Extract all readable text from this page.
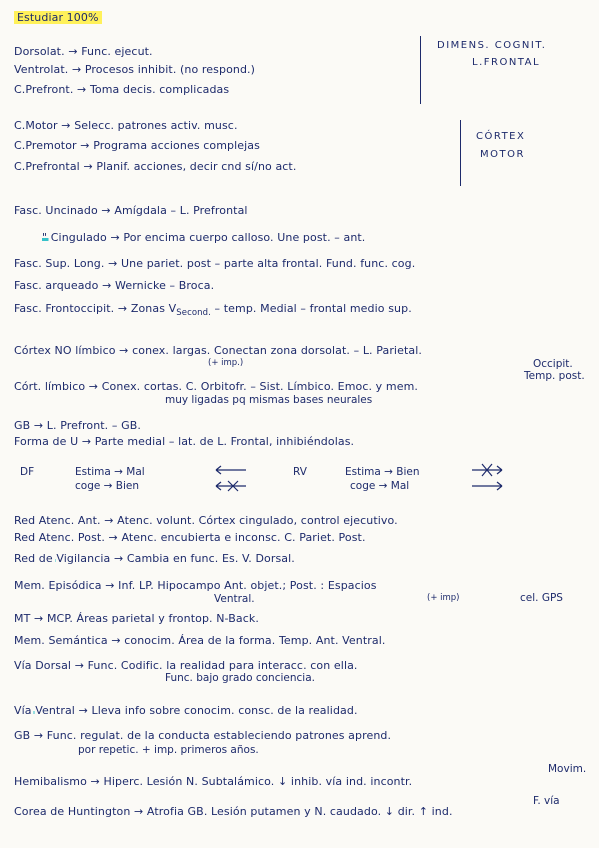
Estudiar 100%
Dorsolat. → Func. ejecut.
Ventrolat. → Procesos inhibit. (no respond.)
C.Prefront. → Toma decis. complicadas
DIMENS. COGNIT.
L.FRONTAL
C.Motor → Selecc. patrones activ. musc.
C.Premotor → Programa acciones complejas
C.Prefrontal → Planif. acciones, decir cnd sí/no act.
CÓRTEX
MOTOR
Fasc. Uncinado → Amígdala – L. Prefrontal
" Cingulado → Por encima cuerpo calloso. Une post. – ant.
Fasc. Sup. Long. → Une pariet. post – parte alta frontal. Fund. func. cog.
Fasc. arqueado → Wernicke – Broca.
Fasc. Frontoccipit. → Zonas $V_{Second.}$ – temp. Medial – frontal medio sup.
Córtex NO límbico → conex. largas. Conectan zona dorsolat. – L. Parietal.
(+ imp.)	Occipit.
Temp. post.
Córt. límbico → Conex. cortas. C. Orbitofr. – Sist. Límbico. Emoc. y mem.
muy ligadas pq mismas bases neurales
GB → L. Prefront. – GB.
Forma de U → Parte medial – lat. de L. Frontal, inhibiéndolas.
DF	Estima → Mal
coge → Bien
RV	Estima → Bien
coge → Mal
Red Atenc. Ant. → Atenc. volunt. Córtex cingulado, control ejecutivo.
Red Atenc. Post. → Atenc. encubierta e inconsc. C. Pariet. Post.
Red de Vigilancia → Cambia en func. Es. V. Dorsal.
Mem. Episódica → Inf. LP. Hipocampo Ant. objet.; Post. : Espacios
Ventral.	(+ imp)	cel. GPS
MT → MCP. Áreas parietal y frontop. N-Back.
Mem. Semántica → conocim. Área de la forma. Temp. Ant. Ventral.
Vía Dorsal → Func. Codific. la realidad para interacc. con ella.
Func. bajo grado conciencia.
Vía Ventral → Lleva info sobre conocim. consc. de la realidad.
GB → Func. regulat. de la conducta estableciendo patrones aprend.
por repetic. + imp. primeros años.
Movim.
Hemibalismo → Hiperc. Lesión N. Subtalámico. ↓ inhib. vía ind. incontr.
F. vía
Corea de Huntington → Atrofia GB. Lesión putamen y N. caudado. ↓ dir. ↑ ind.
